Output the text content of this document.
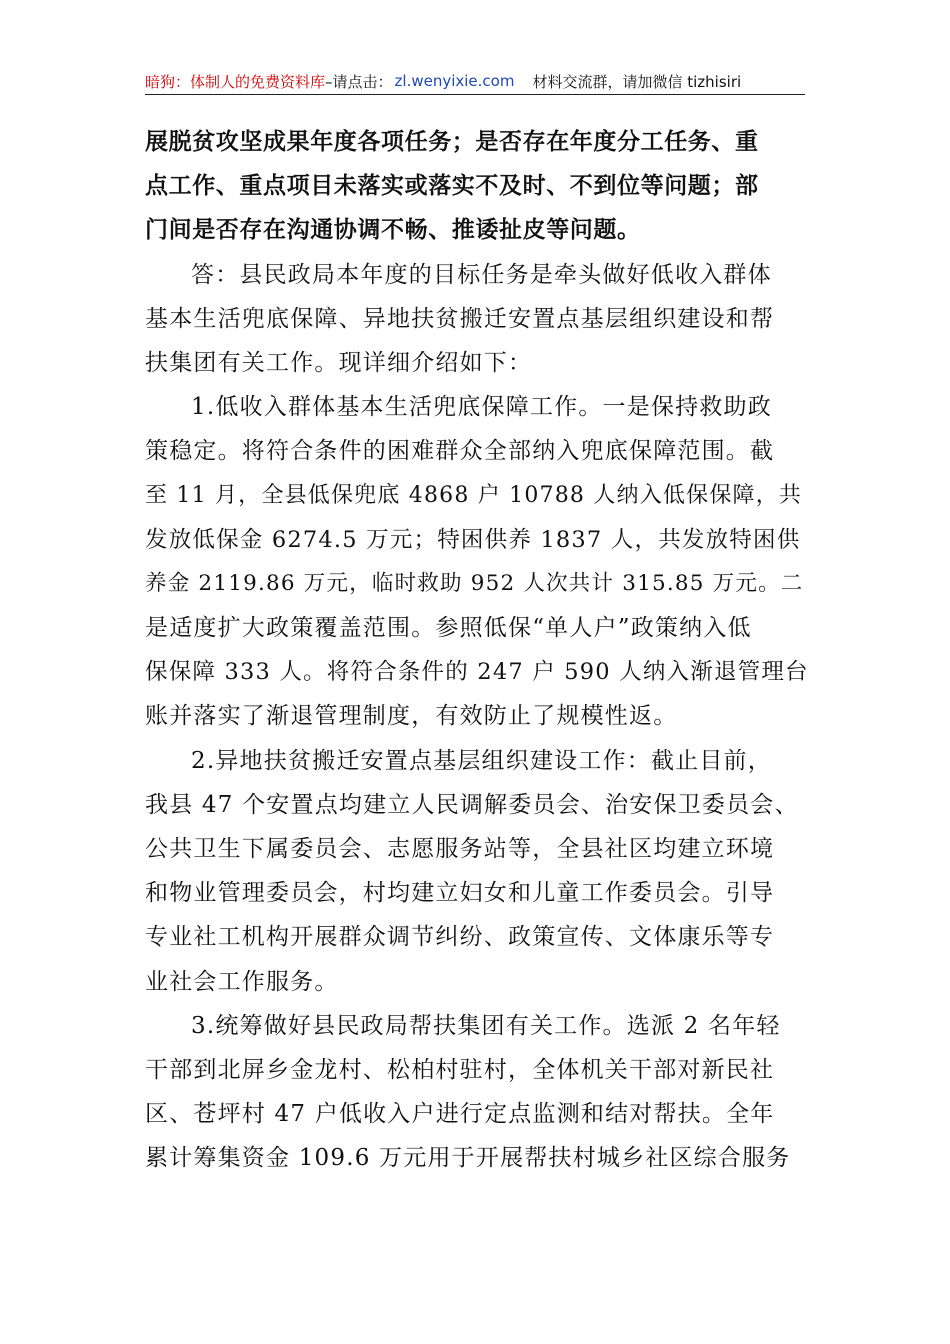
暗狗：体制人的免费资料库 –请点击： zl.wenyixie.com 材料交流群，请加微信 tizhisiri
展脱贫攻坚成果年度各项任务；是否存在年度分工任务、重
点工作、重点项目未落实或落实不及时、不到位等问题；部
门间是否存在沟通协调不畅、推诿扯皮等问题。
答：县民政局本年度的目标任务是牵头做好低收入群体
基本生活兜底保障、异地扶贫搬迁安置点基层组织建设和帮
扶集团有关工作。现详细介绍如下：
1.低收入群体基本生活兜底保障工作。一是保持救助政
策稳定。将符合条件的困难群众全部纳入兜底保障范围。截
至 11 月，全县低保兜底 4868 户 10788 人纳入低保保障，共
发放低保金 6274.5 万元；特困供养 1837 人，共发放特困供
养金 2119.86 万元，临时救助 952 人次共计 315.85 万元。二
是适度扩大政策覆盖范围。参照低保“单人户”政策纳入低
保保障 333 人。将符合条件的 247 户 590 人纳入渐退管理台
账并落实了渐退管理制度，有效防止了规模性返。
2.异地扶贫搬迁安置点基层组织建设工作：截止目前，
我县 47 个安置点均建立人民调解委员会、治安保卫委员会、
公共卫生下属委员会、志愿服务站等，全县社区均建立环境
和物业管理委员会，村均建立妇女和儿童工作委员会。引导
专业社工机构开展群众调节纠纷、政策宣传、文体康乐等专
业社会工作服务。
3.统筹做好县民政局帮扶集团有关工作。选派 2 名年轻
干部到北屏乡金龙村、松柏村驻村，全体机关干部对新民社
区、苍坪村 47 户低收入户进行定点监测和结对帮扶。全年
累计筹集资金 109.6 万元用于开展帮扶村城乡社区综合服务
